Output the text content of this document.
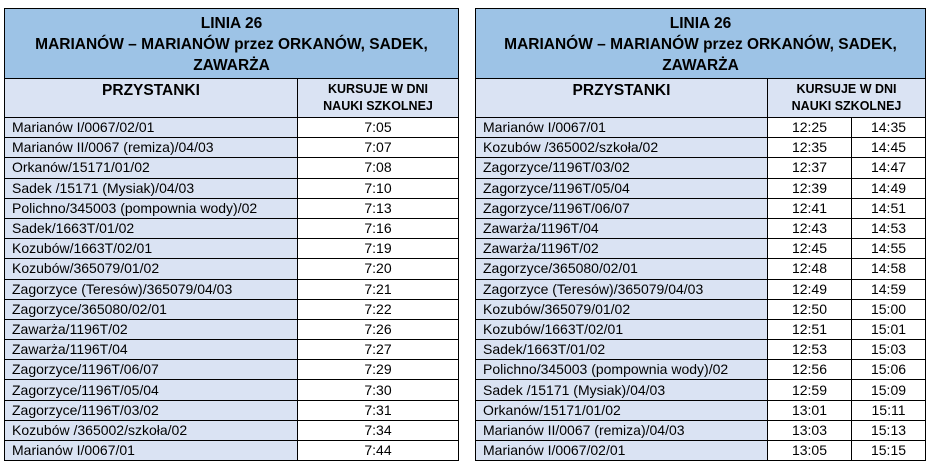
LINIA 26
MARIANÓW – MARIANÓW przez ORKANÓW, SADEK,
ZAWARŻA	

PRZYSTANKI	KURSUJE W DNI
NAUKI SZKOLNEJ

Marianów I/0067/02/01	7:05
Marianów II/0067 (remiza)/04/03	7:07
Orkanów/15171/01/02	7:08
Sadek /15171 (Mysiak)/04/03	7:10
Polichno/345003 (pompownia wody)/02	7:13
Sadek/1663T/01/02	7:16
Kozubów/1663T/02/01	7:19
Kozubów/365079/01/02	7:20
Zagorzyce (Teresów)/365079/04/03	7:21
Zagorzyce/365080/02/01	7:22
Zawarża/1196T/02	7:26
Zawarża/1196T/04	7:27
Zagorzyce/1196T/06/07	7:29
Zagorzyce/1196T/05/04	7:30
Zagorzyce/1196T/03/02	7:31
Kozubów /365002/szkoła/02	7:34
Marianów I/0067/01	7:44
LINIA 26
MARIANÓW – MARIANÓW przez ORKANÓW, SADEK,
ZAWARŻA		

PRZYSTANKI	KURSUJE W DNI
NAUKI SZKOLNEJ	

Marianów I/0067/01	12:25	14:35
Kozubów /365002/szkoła/02	12:35	14:45
Zagorzyce/1196T/03/02	12:37	14:47
Zagorzyce/1196T/05/04	12:39	14:49
Zagorzyce/1196T/06/07	12:41	14:51
Zawarża/1196T/04	12:43	14:53
Zawarża/1196T/02	12:45	14:55
Zagorzyce/365080/02/01	12:48	14:58
Zagorzyce (Teresów)/365079/04/03	12:49	14:59
Kozubów/365079/01/02	12:50	15:00
Kozubów/1663T/02/01	12:51	15:01
Sadek/1663T/01/02	12:53	15:03
Polichno/345003 (pompownia wody)/02	12:56	15:06
Sadek /15171 (Mysiak)/04/03	12:59	15:09
Orkanów/15171/01/02	13:01	15:11
Marianów II/0067 (remiza)/04/03	13:03	15:13
Marianów I/0067/02/01	13:05	15:15
